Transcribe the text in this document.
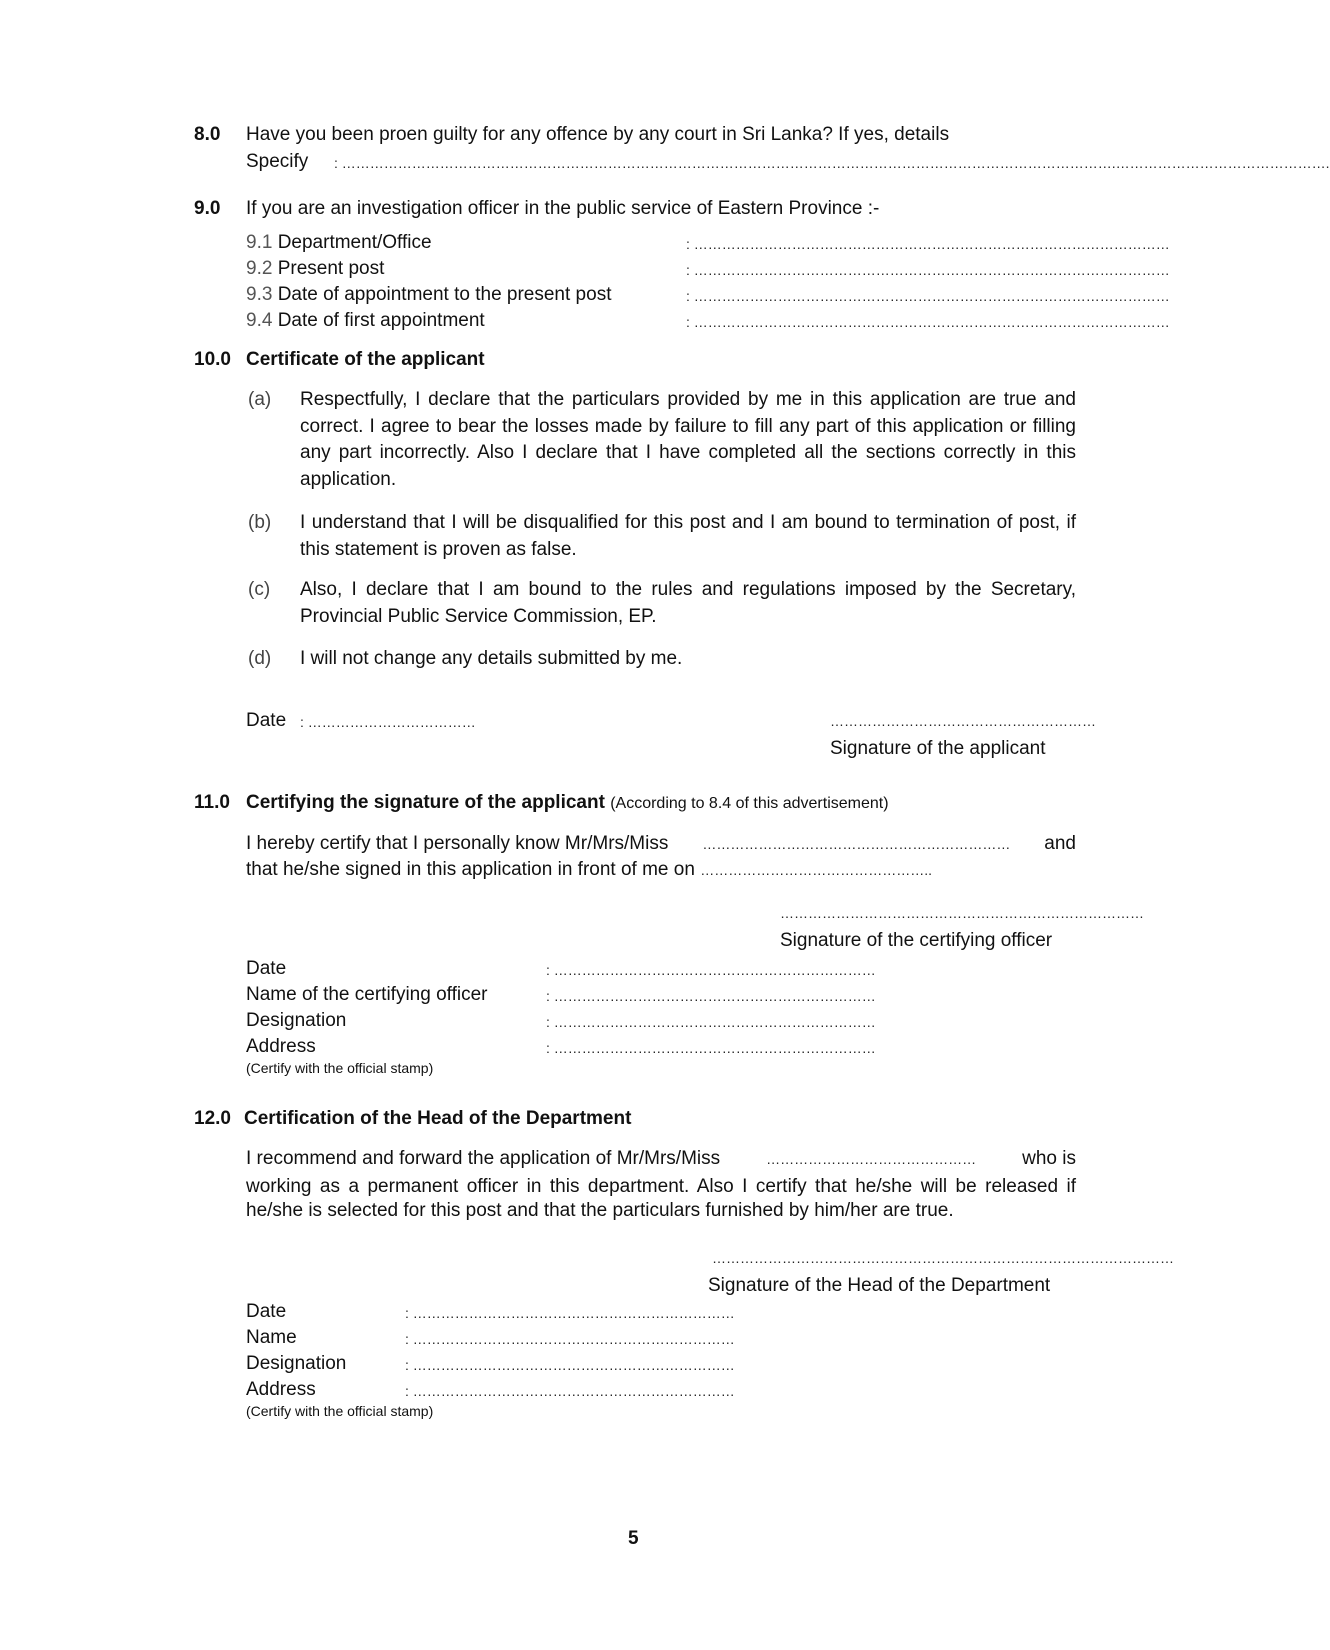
8.0 Have you been proen guilty for any offence by any court in Sri Lanka? If yes, details
Specify : ………………………………………………………………………………………………………………………………………………….……………………………………….
9.0 If you are an investigation officer in the public service of Eastern Province :-
9.1 Department/Office	: …………………………………………………………………………………………
9.2 Present post	: …………………………………………………………………………………………
9.3 Date of appointment to the present post	: …………………………………………………………………………………………
9.4 Date of first appointment	: …………………………………………………………………………………………
10.0 Certificate of the applicant
(a) Respectfully, I declare that the particulars provided by me in this application are true and correct. I agree to bear the losses made by failure to fill any part of this application or filling any part incorrectly. Also I declare that I have completed all the sections correctly in this application.
(b) I understand that I will be disqualified for this post and I am bound to termination of post, if this statement is proven as false.
(c) Also, I declare that I am bound to the rules and regulations imposed by the Secretary, Provincial Public Service Commission, EP.
(d) I will not change any details submitted by me.
Date : ………………………………	…………………………………………………
Signature of the applicant
11.0 Certifying the signature of the applicant (According to 8.4 of this advertisement)
I hereby certify that I personally know Mr/Mrs/Miss ………………………………………………………… and
that he/she signed in this application in front of me on …………………………………………..
……………………………………………………………………
Signature of the certifying officer
Date	: ……………………………………………………………
Name of the certifying officer	: ……………………………………………………………
Designation	: ……………………………………………………………
Address	: ……………………………………………………………
(Certify with the official stamp)
12.0 Certification of the Head of the Department
I recommend and forward the application of Mr/Mrs/Miss	……………………………………… who is
working as a permanent officer in this department. Also I certify that he/she will be released if
he/she is selected for this post and that the particulars furnished by him/her are true.
………………………………………………………………………………………
Signature of the Head of the Department
Date	: ……………………………………………………………
Name	: ……………………………………………………………
Designation	: ……………………………………………………………
Address	: ……………………………………………………………
(Certify with the official stamp)
5
